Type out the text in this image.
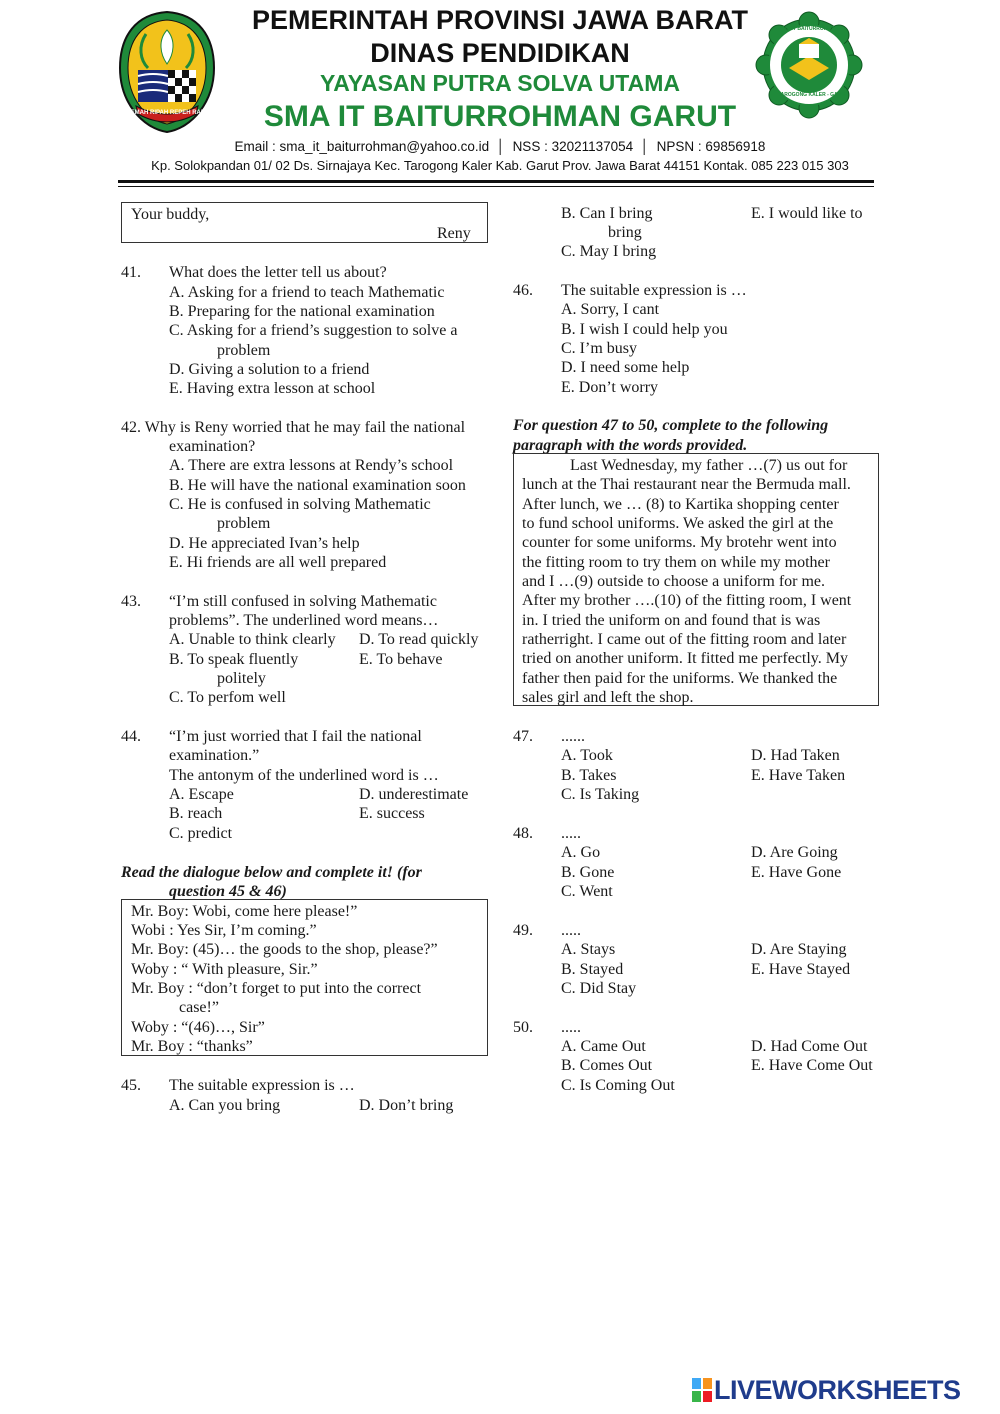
GEMAH RIPAH REPEH RAPIH
SMA IT BAITURROHMAN
TAROGONG KALER - GARUT
PEMERINTAH PROVINSI JAWA BARAT
DINAS PENDIDIKAN
YAYASAN PUTRA SOLVA UTAMA
SMA IT BAITURROHMAN GARUT
Email : sma_it_baiturrohman@yahoo.co.id  │  NSS : 32021137054  │  NPSN : 69856918
Kp. Solokpandan 01/ 02 Ds. Sirnajaya Kec. Tarogong Kaler Kab. Garut Prov. Jawa Barat 44151 Kontak. 085 223 015 303
Your buddy,
Reny
41. What does the letter tell us about?
A. Asking for a friend to teach Mathematic
B. Preparing for the national examination
C. Asking for a friend’s suggestion to solve a
problem
D. Giving a solution to a friend
E. Having extra lesson at school
42. Why is Reny worried that he may fail the national
examination?
A. There are extra lessons at Rendy’s school
B. He will have the national examination soon
C. He is confused in solving Mathematic
problem
D. He appreciated Ivan’s help
E. Hi friends are all well prepared
43. “I’m still confused in solving Mathematic
problems”. The underlined word means…
A. Unable to think clearly D. To read quickly
B. To speak fluently	E. To behave
politely
C. To perfom well
44. “I’m just worried that I fail the national
examination.”
The antonym of the underlined word is …
A. Escape	D. underestimate
B. reach	E. success
C. predict
Read the dialogue below and complete it! (for
question 45 & 46)
Mr. Boy: Wobi, come here please!”
Wobi : Yes Sir, I’m coming.”
Mr. Boy: (45)… the goods to the shop, please?”
Woby : “ With pleasure, Sir.”
Mr. Boy : “don’t forget to put into the correct
case!”
Woby : “(46)…, Sir”
Mr. Boy : “thanks”
45. The suitable expression is …
A. Can you bring	D. Don’t bring
B. Can I bring	E. I would like to
bring
C. May I bring
46. The suitable expression is …
A. Sorry, I cant
B. I wish I could help you
C. I’m busy
D. I need some help
E. Don’t worry
For question 47 to 50, complete to the following
paragraph with the words provided.
Last Wednesday, my father …(7) us out for
lunch at the Thai restaurant near the Bermuda mall.
After lunch, we … (8) to Kartika shopping center
to fund school uniforms. We asked the girl at the
counter for some uniforms. My brotehr went into
the fitting room to try them on while my mother
and I …(9) outside to choose a uniform for me.
After my brother ….(10) of the fitting room, I went
in. I tried the uniform on and found that is was
ratherright. I came out of the fitting room and later
tried on another uniform. It fitted me perfectly. My
father then paid for the uniforms. We thanked the
sales girl and left the shop.
47. ......
A. Took	D. Had Taken
B. Takes	E. Have Taken
C. Is Taking
48. .....
A. Go	D. Are Going
B. Gone	E. Have Gone
C. Went
49. .....
A. Stays	D. Are Staying
B. Stayed	E. Have Stayed
C. Did Stay
50. .....
A. Came Out	D. Had Come Out
B. Comes Out	E. Have Come Out
C. Is Coming Out
LIVEWORKSHEETS
